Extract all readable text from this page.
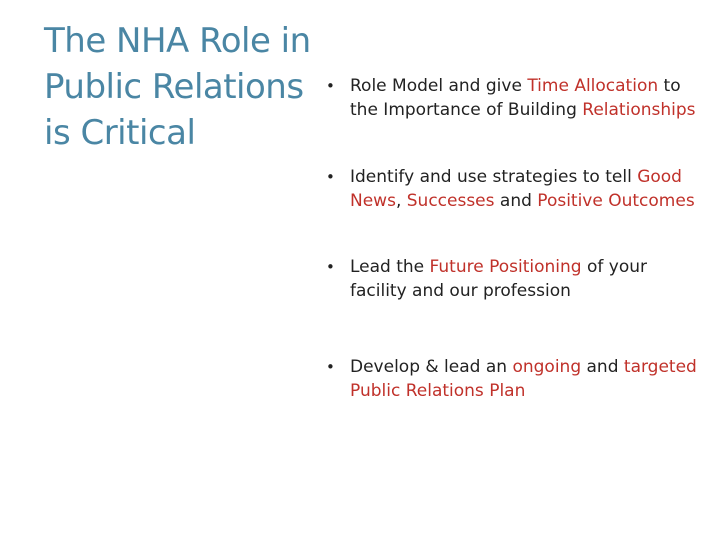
The NHA Role in
Public Relations
is Critical
• Role Model and give Time Allocation to the Importance of Building Relationships
• Identify and use strategies to tell Good News, Successes and Positive Outcomes
• Lead the Future Positioning of your facility and our profession
• Develop & lead an ongoing and targeted Public Relations Plan
